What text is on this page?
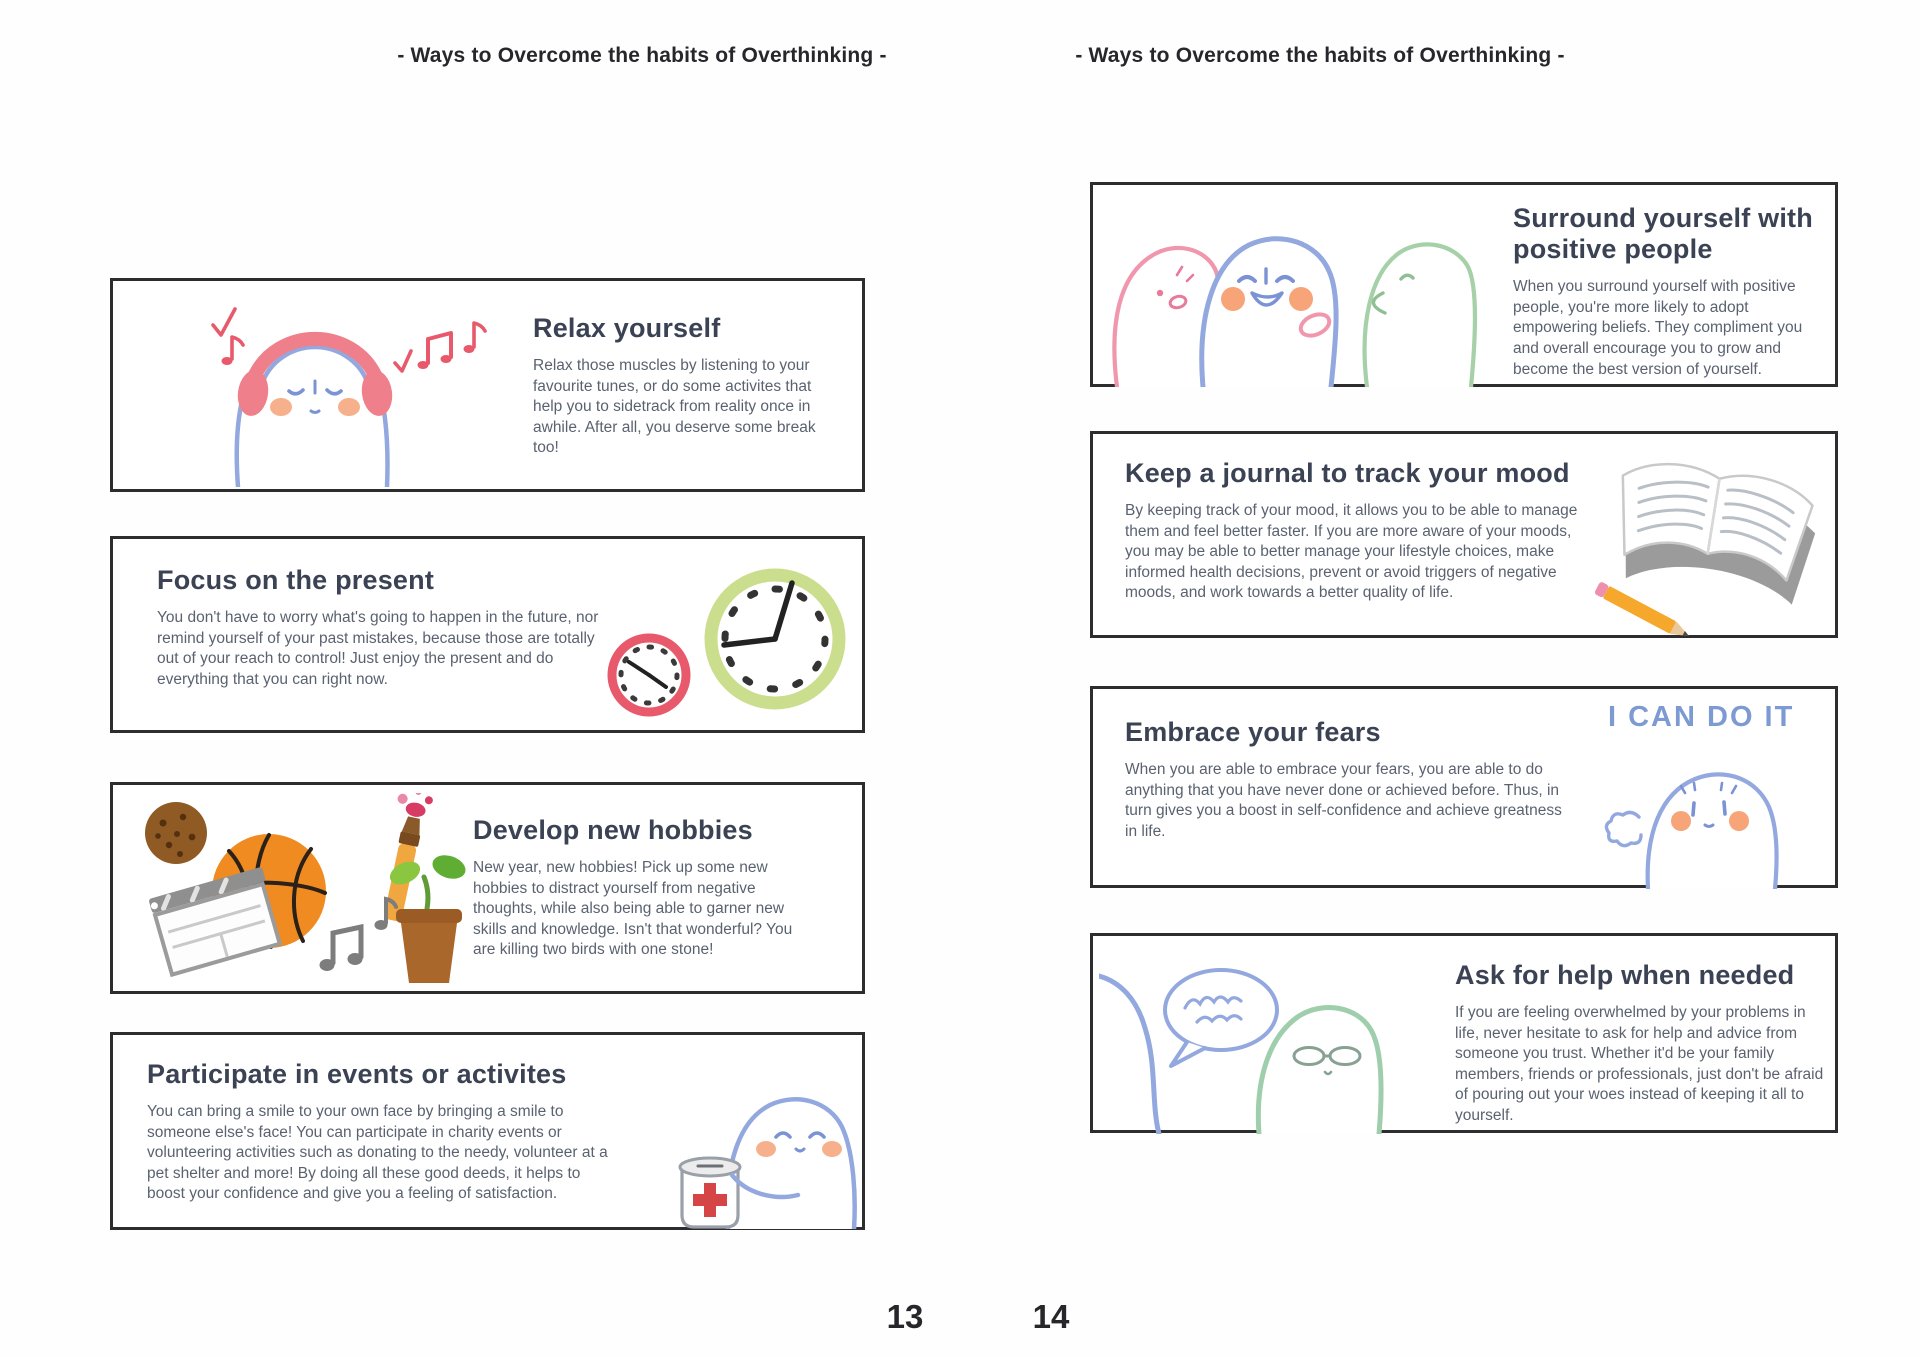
- Ways to Overcome the habits of Overthinking -	- Ways to Overcome the habits of Overthinking -
Relax yourself

Relax those muscles by listening to your favourite tunes, or do some activites that help you to sidetrack from reality once in awhile. After all, you deserve some break too!

Focus on the present

You don't have to worry what's going to happen in the future, nor remind yourself of your past mistakes, because those are totally out of your reach to control! Just enjoy the present and do everything that you can right now.

Develop new hobbies

New year, new hobbies! Pick up some new hobbies to distract yourself from negative thoughts, while also being able to garner new skills and knowledge. Isn't that wonderful? You are killing two birds with one stone!

Participate in events or activites

You can bring a smile to your own face by bringing a smile to someone else's face! You can participate in charity events or volunteering activities such as donating to the needy, volunteer at a pet shelter and more! By doing all these good deeds, it helps to boost your confidence and give you a feeling of satisfaction.

Surround yourself with positive people

When you surround yourself with positive people, you're more likely to adopt empowering beliefs. They compliment you and overall encourage you to grow and become the best version of yourself.

Keep a journal to track your mood

By keeping track of your mood, it allows you to be able to manage them and feel better faster. If you are more aware of your moods, you may be able to better manage your lifestyle choices, make informed health decisions, prevent or avoid triggers of negative moods, and work towards a better quality of life.

Embrace your fears

When you are able to embrace your fears, you are able to do anything that you have never done or achieved before. Thus, in turn gives you a boost in self-confidence and achieve greatness in life.

I CAN DO IT
Ask for help when needed

If you are feeling overwhelmed by your problems in life, never hesitate to ask for help and advice from someone you trust. Whether it'd be your family members, friends or professionals, just don't be afraid of pouring out your woes instead of keeping it all to yourself.

13	14
